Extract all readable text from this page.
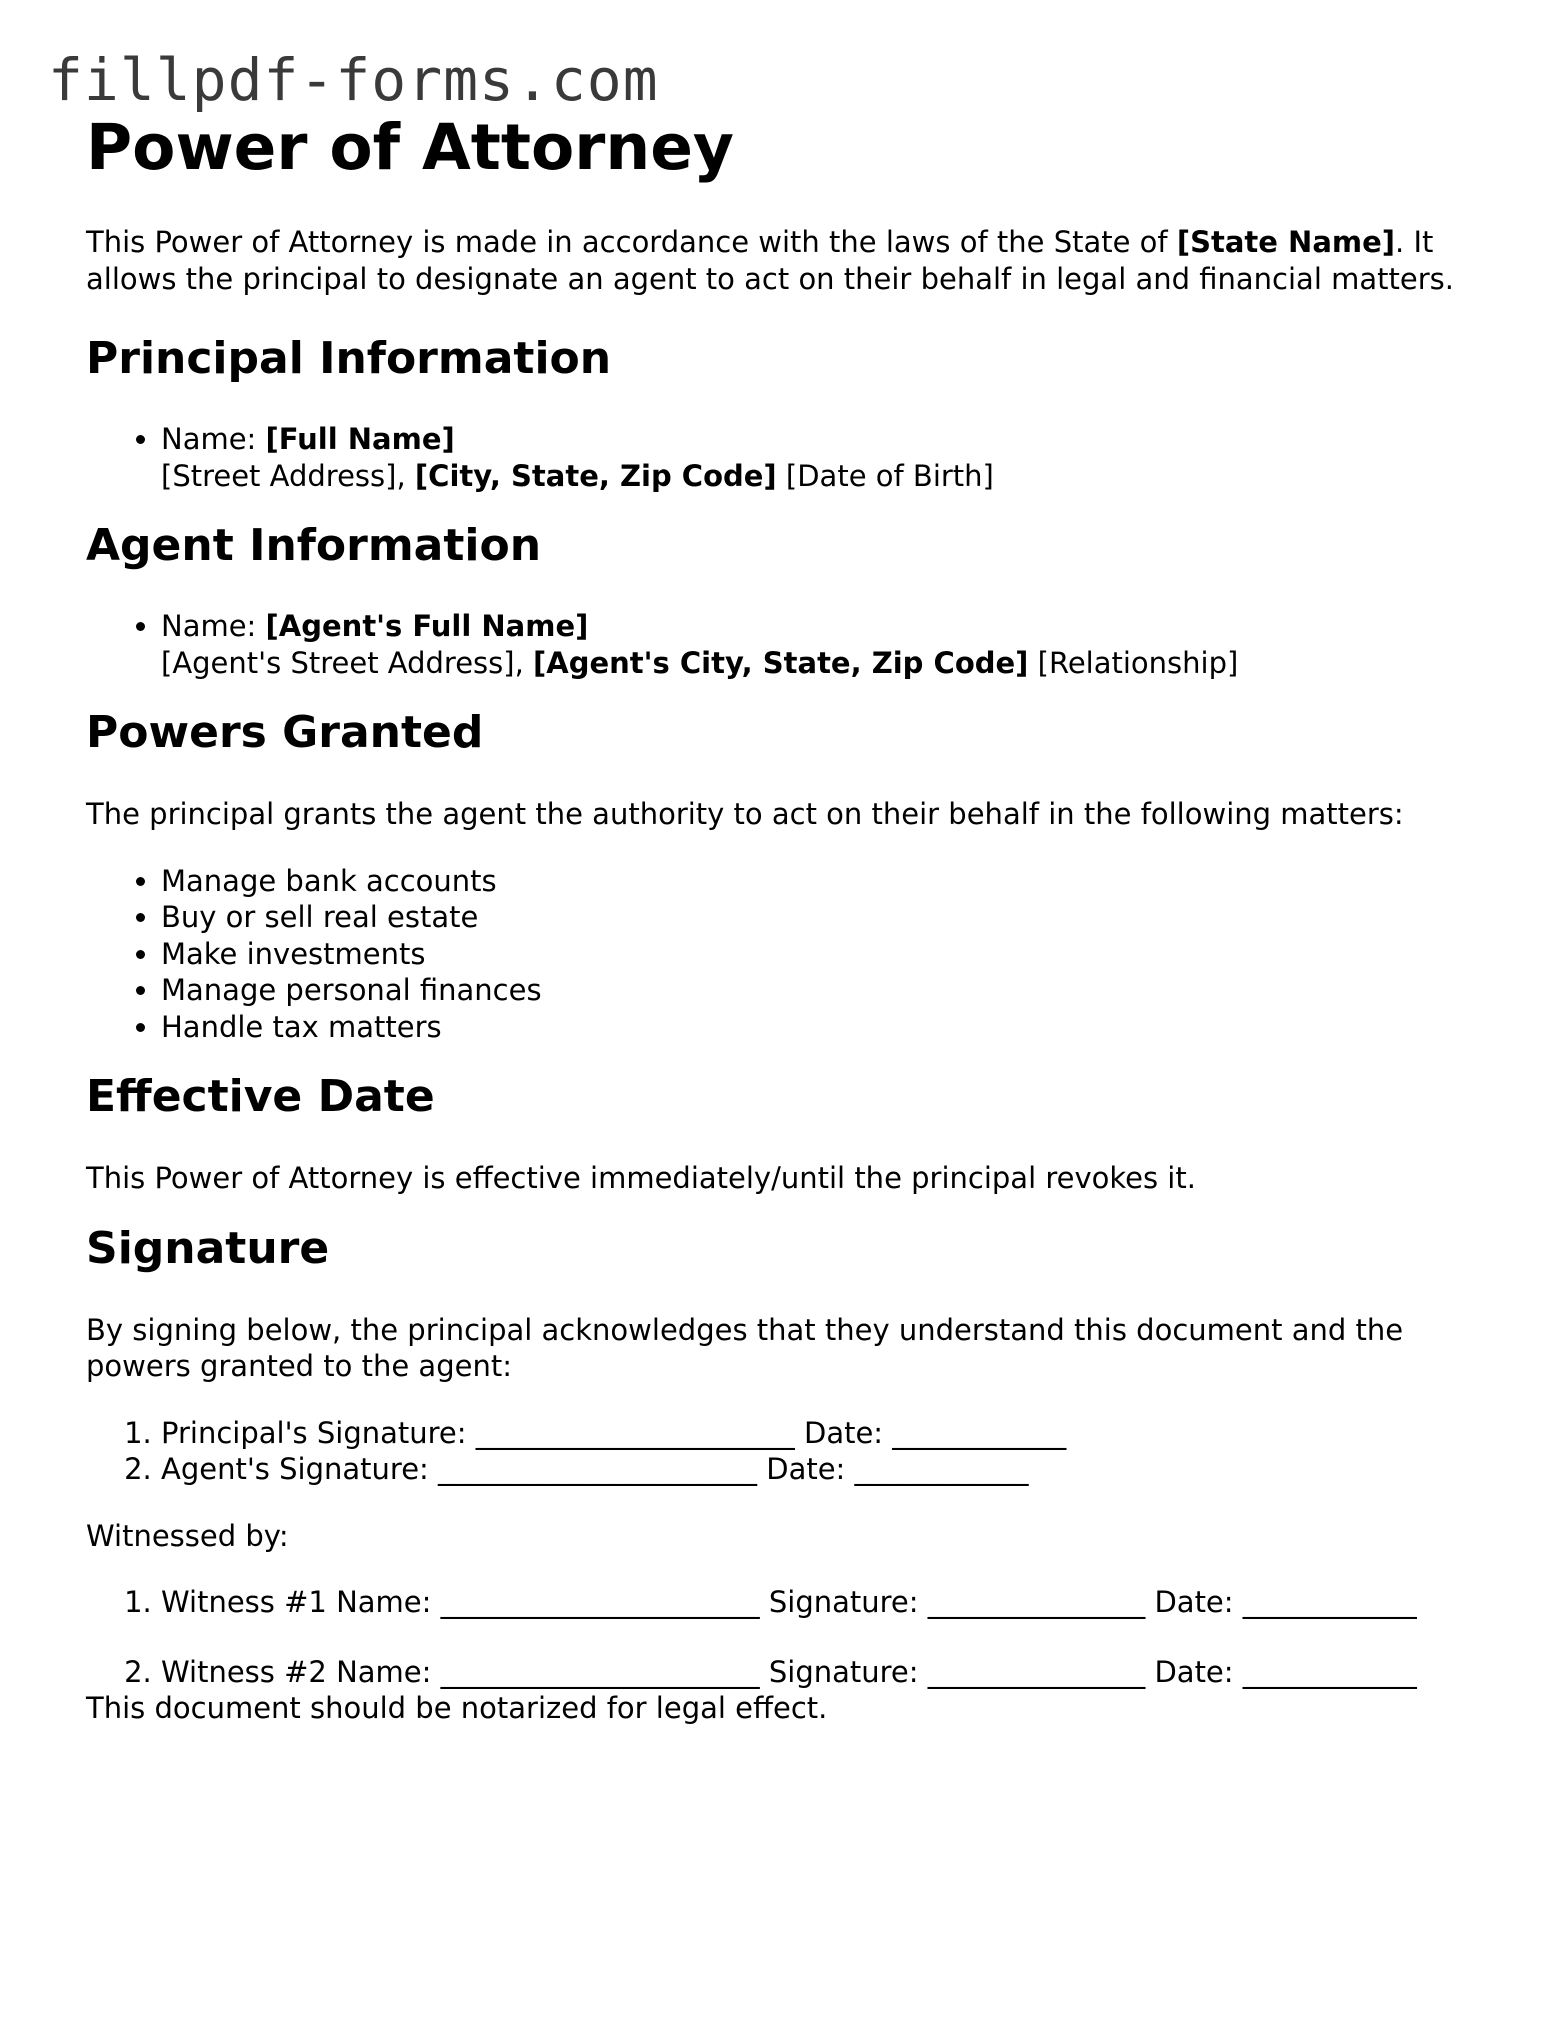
fillpdf-forms.com
Power of Attorney

This Power of Attorney is made in accordance with the laws of the State of [State Name]. It allows the principal to designate an agent to act on their behalf in legal and financial matters.

Principal Information
• Name: [Full Name]
[Street Address], [City, State, Zip Code] [Date of Birth]
Agent Information
• Name: [Agent's Full Name]
[Agent's Street Address], [Agent's City, State, Zip Code] [Relationship]
Powers Granted

The principal grants the agent the authority to act on their behalf in the following matters:

• Manage bank accounts
• Buy or sell real estate
• Make investments
• Manage personal finances
• Handle tax matters
Effective Date

This Power of Attorney is effective immediately/until the principal revokes it.

Signature

By signing below, the principal acknowledges that they understand this document and the powers granted to the agent:

1. Principal's Signature: ______________________ Date: ____________
2. Agent's Signature: ______________________ Date: ____________

Witnessed by:

1. Witness #1 Name: ______________________ Signature: _______________ Date: ____________
2. Witness #2 Name: ______________________ Signature: _______________ Date: ____________

This document should be notarized for legal effect.
